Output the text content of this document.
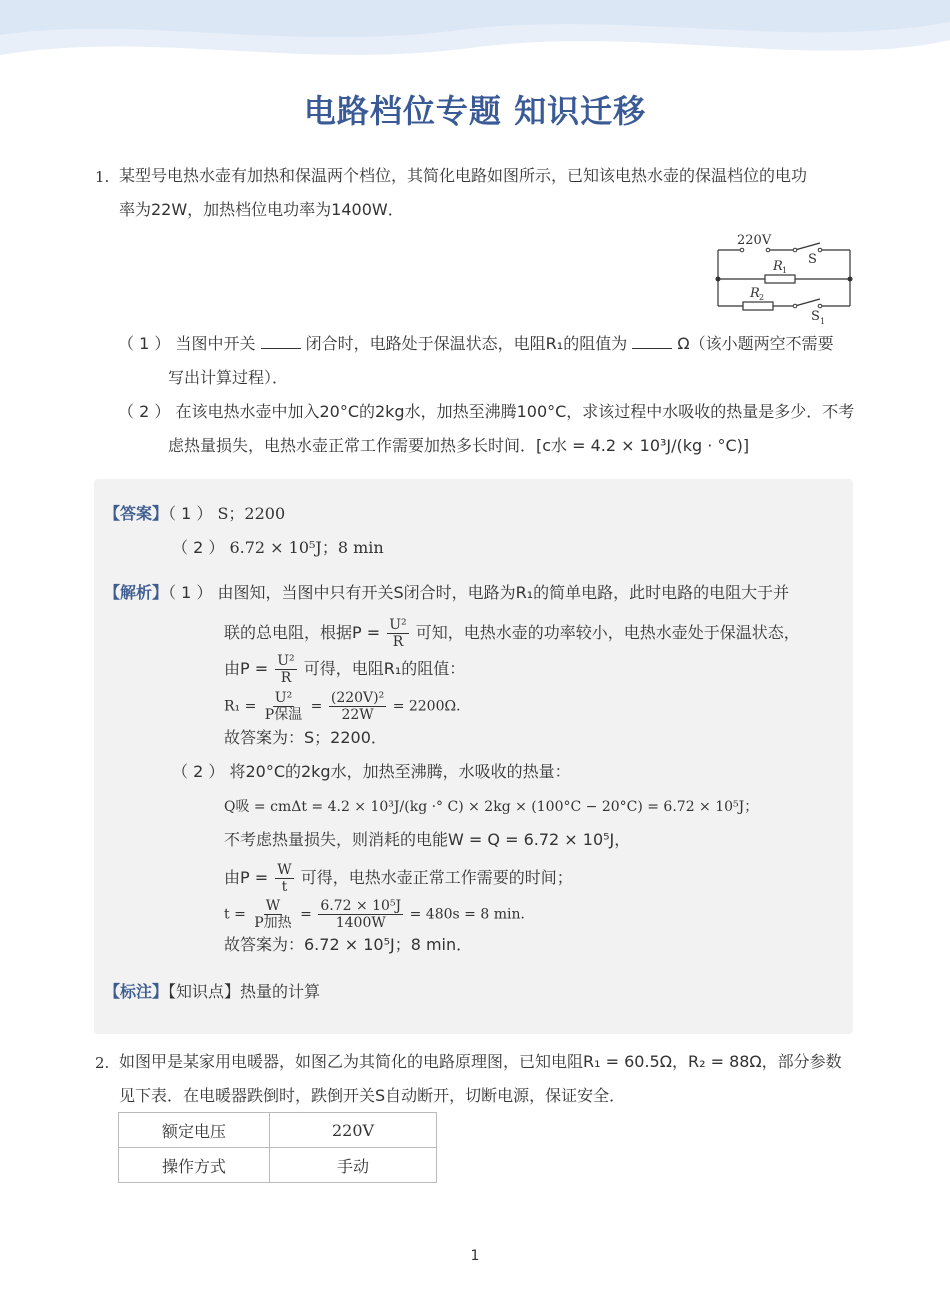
电路档位专题 知识迁移
1. 某型号电热水壶有加热和保温两个档位，其简化电路如图所示，已知该电热水壶的保温档位的电功
率为22W，加热档位电功率为1400W．
220V
R 1
S
R 2
S 1
（ 1 ） 当图中开关	闭合时，电路处于保温状态，电阻R₁的阻值为	Ω（该小题两空不需要
写出计算过程）．
（ 2 ） 在该电热水壶中加入20°C的2kg水，加热至沸腾100°C，求该过程中水吸收的热量是多少．不考
虑热量损失，电热水壶正常工作需要加热多长时间．[c水 = 4.2 × 10³J/(kg · °C)]
【答案】（ 1 ） S；2200
（ 2 ） 6.72 × 10⁵J；8 min
【解析】（ 1 ） 由图知，当图中只有开关S闭合时，电路为R₁的简单电路，此时电路的电阻大于并
联的总电阻，根据$P = \frac{\text{U²}}{R}$ 可知，电热水壶的功率较小，电热水壶处于保温状态，
由$P = \frac{\text{U²}}{R}$ 可得，电阻R₁的阻值：
$R_1 = \frac{\text{U²}}{\text{P保温}} = \frac{\text{(220V)²}}{22W} = 2200\Omega$．
故答案为：S；2200．
（ 2 ） 将20°C的2kg水，加热至沸腾，水吸收的热量：
Q吸 = cmΔt = 4.2 × 10³J/(kg ·° C) × 2kg × (100°C − 20°C) = 6.72 × 10⁵J；
不考虑热量损失，则消耗的电能W = Q = 6.72 × 10⁵J，
由$P = \frac{W}{t}$ 可得，电热水壶正常工作需要的时间；
$t = \frac{W}{\text{P加热}} = \frac{\text{6.72 × 10⁵J}}{1400W} = 480s = 8$ min．
故答案为：6.72 × 10⁵J；8 min．
【标注】【知识点】热量的计算
2. 如图甲是某家用电暖器，如图乙为其简化的电路原理图，已知电阻R₁ = 60.5Ω，R₂ = 88Ω，部分参数
见下表．在电暖器跌倒时，跌倒开关S自动断开，切断电源，保证安全．
额定电压	220V
操作方式	手动
1
